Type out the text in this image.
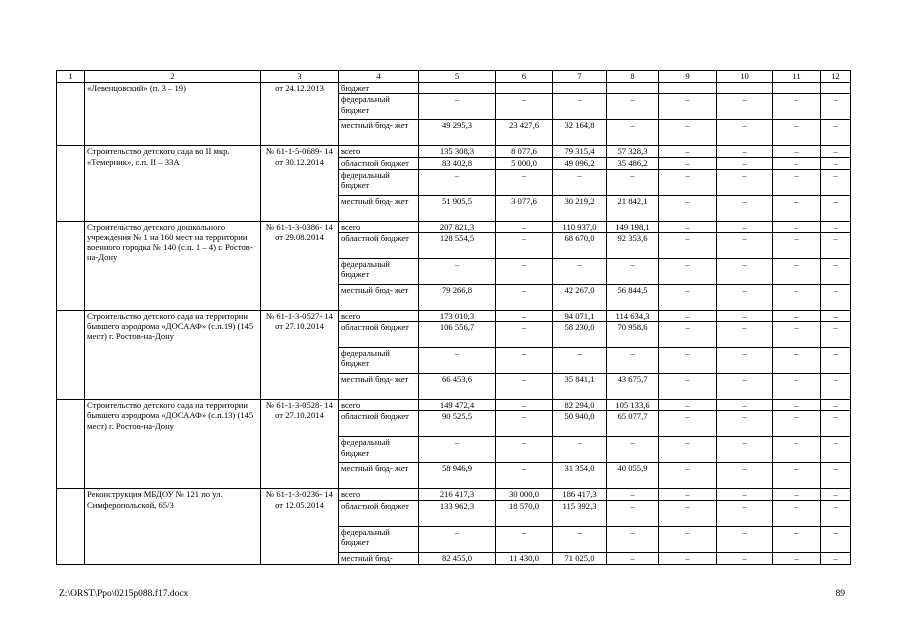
1	2	3	4	5	6	7	8	9	10	11	12
	«Левенцовский» (п. 3 – 19)	от 24.12.2013	бюджет								
			федеральный бюджет	–	–	–	–	–	–	–	–
			местный бюд- жет	49 295,3	23 427,6	32 164,8	–	–	–	–	–
	Строительство детского сада во II мкр. «Темерник», с.п. II – 33А	№ 61-1-5-0689- 14 от 30.12.2014	всего	135 308,3	8 077,6	79 315,4	57 328,3	–	–	–	–
			областной бюджет	83 402,8	5 000,0	49 096,2	35 486,2	–	–	–	–
			федеральный бюджет	–	–	–	–	–	–	–	–
			местный бюд- жет	51 905,5	3 077,6	30 219,2	21 842,1	–	–	–	–
	Строительство детского дошкольного учреждения № 1 на 160 мест на территории военного городка № 140 (с.п. 1 – 4) г. Ростов-на-Дону	№ 61-1-3-0386- 14 от 29.08.2014	всего	207 821,3	–	110 937,0	149 198,1	–	–	–	–
			областной бюджет	128 554,5	–	68 670,0	92 353,6	–	–	–	–
			федеральный бюджет	–	–	–	–	–	–	–	–
			местный бюд- жет	79 266,8	–	42 267,0	56 844,5	–	–	–	–
	Строительство детского сада на территории бывшего аэродрома «ДОСААФ» (с.п.19) (145 мест) г. Ростов-на-Дону	№ 61-1-3-0527- 14 от 27.10.2014	всего	173 010,3	–	94 071,1	114 634,3	–	–	–	–
			областной бюджет	106 556,7	–	58 230,0	70 958,6	–	–	–	–
			федеральный бюджет	–	–	–	–	–	–	–	–
			местный бюд- жет	66 453,6	–	35 841,1	43 675,7	–	–	–	–
	Строительство детского сада на территории бывшего аэродрома «ДОСААФ» (с.п.13) (145 мест) г. Ростов-на-Дону	№ 61-1-3-0528- 14 от 27.10.2014	всего	149 472,4	–	82 294,0	105 133,6	–	–	–	–
			областной бюджет	90 525,5	–	50 940,0	65 077,7	–	–	–	–
			федеральный бюджет	–	–	–	–	–	–	–	–
			местный бюд- жет	58 946,9	–	31 354,0	40 055,9	–	–	–	–
	Реконструкция МБДОУ № 121 по ул. Симферопольской, 65/3	№ 61-1-3-0236- 14 от 12.05.2014	всего	216 417,3	30 000,0	186 417,3	–	–	–	–	–
			областной бюджет	133 962,3	18 570,0	115 392,3	–	–	–	–	–
			федеральный бюджет	–	–	–	–	–	–	–	–
			местный бюд-	82 455,0	11 430,0	71 025,0	–	–	–	–	–
Z:\ORST\Ppo\0215p088.f17.docx	89
